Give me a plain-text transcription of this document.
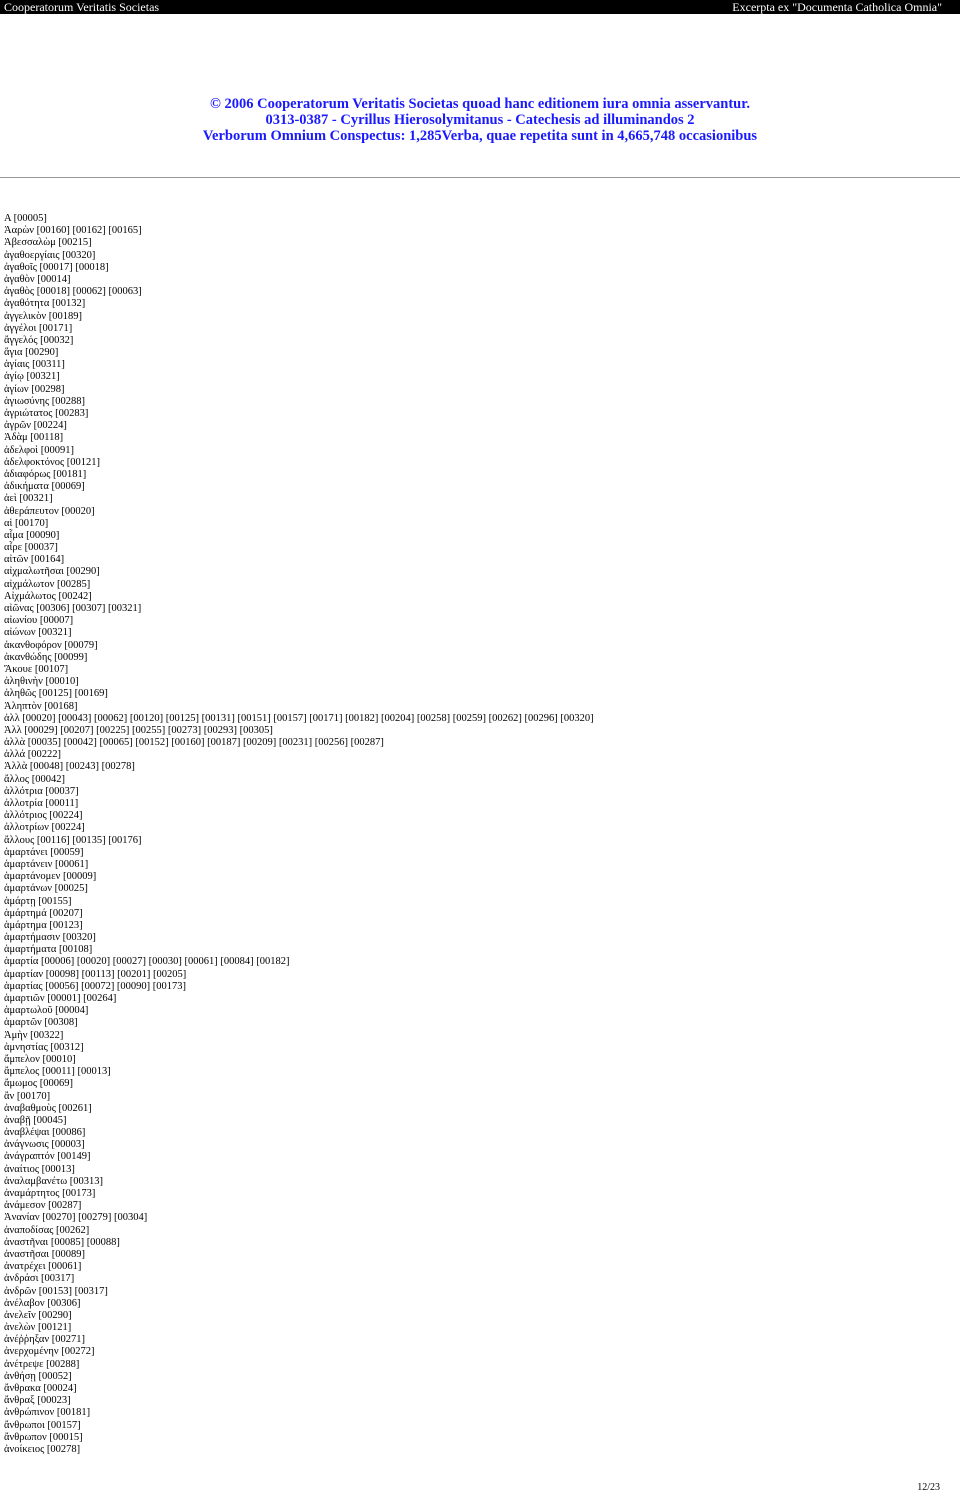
Cooperatorum Veritatis Societas	Excerpta ex "Documenta Catholica Omnia"
© 2006 Cooperatorum Veritatis Societas quoad hanc editionem iura omnia asservantur.
0313-0387 - Cyrillus Hierosolymitanus - Catechesis ad illuminandos 2
Verborum Omnium Conspectus: 1,285Verba, quae repetita sunt in 4,665,748 occasionibus
A [00005]
Ἀαρὼν [00160] [00162] [00165]
Ἀβεσσαλὼμ [00215]
ἀγαθοεργίαις [00320]
ἀγαθοῖς [00017] [00018]
ἀγαθὸν [00014]
ἀγαθὸς [00018] [00062] [00063]
ἀγαθότητα [00132]
ἀγγελικὸν [00189]
ἀγγέλοι [00171]
ἄγγελός [00032]
ἅγια [00290]
ἁγίαις [00311]
ἁγίῳ [00321]
ἁγίων [00298]
ἁγιωσύνης [00288]
ἀγριώτατος [00283]
ἀγρῶν [00224]
Ἀδὰμ [00118]
ἀδελφοὶ [00091]
ἀδελφοκτόνος [00121]
ἀδιαφόρως [00181]
ἀδικήματα [00069]
ἀεὶ [00321]
ἀθεράπευτον [00020]
αἱ [00170]
αἷμα [00090]
αἶρε [00037]
αἰτῶν [00164]
αἰχμαλωτῆσαι [00290]
αἰχμάλωτον [00285]
Αἰχμάλωτος [00242]
αἰῶνας [00306] [00307] [00321]
αἰωνίου [00007]
αἰώνων [00321]
ἀκανθοφόρον [00079]
ἀκανθώδης [00099]
Ἄκουε [00107]
ἀληθινὴν [00010]
ἀληθῶς [00125] [00169]
Ἀληπτὸν [00168]
ἀλλ [00020] [00043] [00062] [00120] [00125] [00131] [00151] [00157] [00171] [00182] [00204] [00258] [00259] [00262] [00296] [00320]
Ἀλλ [00029] [00207] [00225] [00255] [00273] [00293] [00305]
ἀλλὰ [00035] [00042] [00065] [00152] [00160] [00187] [00209] [00231] [00256] [00287]
ἀλλά [00222]
Ἀλλὰ [00048] [00243] [00278]
ἄλλος [00042]
ἀλλότρια [00037]
ἀλλοτρία [00011]
ἀλλότριος [00224]
ἀλλοτρίων [00224]
ἄλλους [00116] [00135] [00176]
ἁμαρτάνει [00059]
ἁμαρτάνειν [00061]
ἁμαρτάνομεν [00009]
ἁμαρτάνων [00025]
ἁμάρτῃ [00155]
ἁμάρτημά [00207]
ἁμάρτημα [00123]
ἁμαρτήμασιν [00320]
ἁμαρτήματα [00108]
ἁμαρτία [00006] [00020] [00027] [00030] [00061] [00084] [00182]
ἁμαρτίαν [00098] [00113] [00201] [00205]
ἁμαρτίας [00056] [00072] [00090] [00173]
ἁμαρτιῶν [00001] [00264]
ἁμαρτωλοῦ [00004]
ἁμαρτῶν [00308]
Ἀμὴν [00322]
ἀμνηστίας [00312]
ἄμπελον [00010]
ἄμπελος [00011] [00013]
ἄμωμος [00069]
ἂν [00170]
ἀναβαθμοὺς [00261]
ἀναβῇ [00045]
ἀναβλέψαι [00086]
ἀνάγνωσις [00003]
ἀνάγραπτόν [00149]
ἀναίτιος [00013]
ἀναλαμβανέτω [00313]
ἀναμάρτητος [00173]
ἀνάμεσον [00287]
Ἀνανίαν [00270] [00279] [00304]
ἀναποδίσας [00262]
ἀναστῆναι [00085] [00088]
ἀναστῆσαι [00089]
ἀνατρέχει [00061]
ἀνδράσι [00317]
ἀνδρῶν [00153] [00317]
ἀνέλαβον [00306]
ἀνελεῖν [00290]
ἀνελὼν [00121]
ἀνέῤῥηξαν [00271]
ἀνερχομένην [00272]
ἀνέτρεψε [00288]
ἀνθήσῃ [00052]
ἄνθρακα [00024]
ἄνθραξ [00023]
ἀνθρώπινον [00181]
ἄνθρωποι [00157]
ἄνθρωπον [00015]
ἀνοίκειος [00278]
12/23
